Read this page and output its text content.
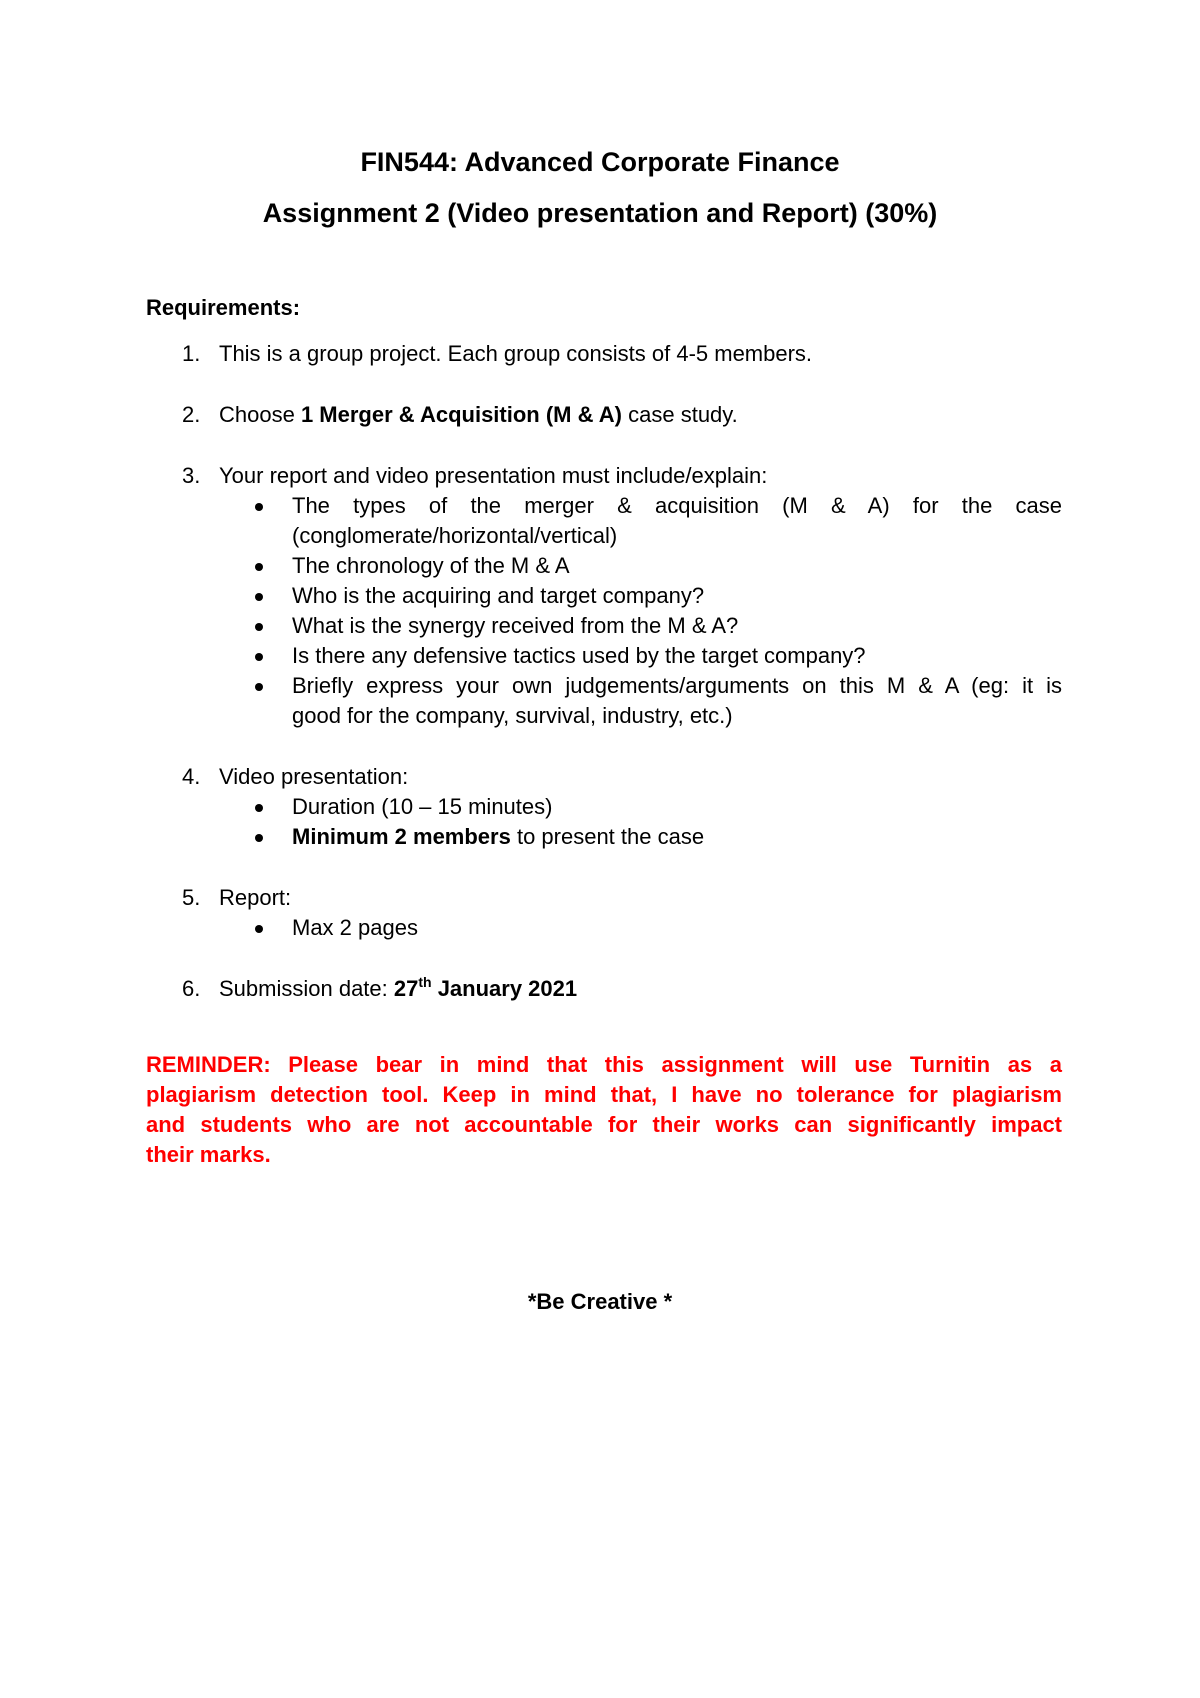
FIN544: Advanced Corporate Finance
Assignment 2 (Video presentation and Report) (30%)
Requirements:
1. This is a group project. Each group consists of 4-5 members.
2. Choose 1 Merger & Acquisition (M & A) case study.
3. Your report and video presentation must include/explain:
The types of the merger & acquisition (M & A) for the case
(conglomerate/horizontal/vertical)
The chronology of the M & A
Who is the acquiring and target company?
What is the synergy received from the M & A?
Is there any defensive tactics used by the target company?
Briefly express your own judgements/arguments on this M & A (eg: it is
good for the company, survival, industry, etc.)
4. Video presentation:
Duration (10 – 15 minutes)
Minimum 2 members to present the case
5. Report:
Max 2 pages
6. Submission date: 27th January 2021
REMINDER: Please bear in mind that this assignment will use Turnitin as a
plagiarism detection tool. Keep in mind that, I have no tolerance for plagiarism
and students who are not accountable for their works can significantly impact
their marks.
*Be Creative *
